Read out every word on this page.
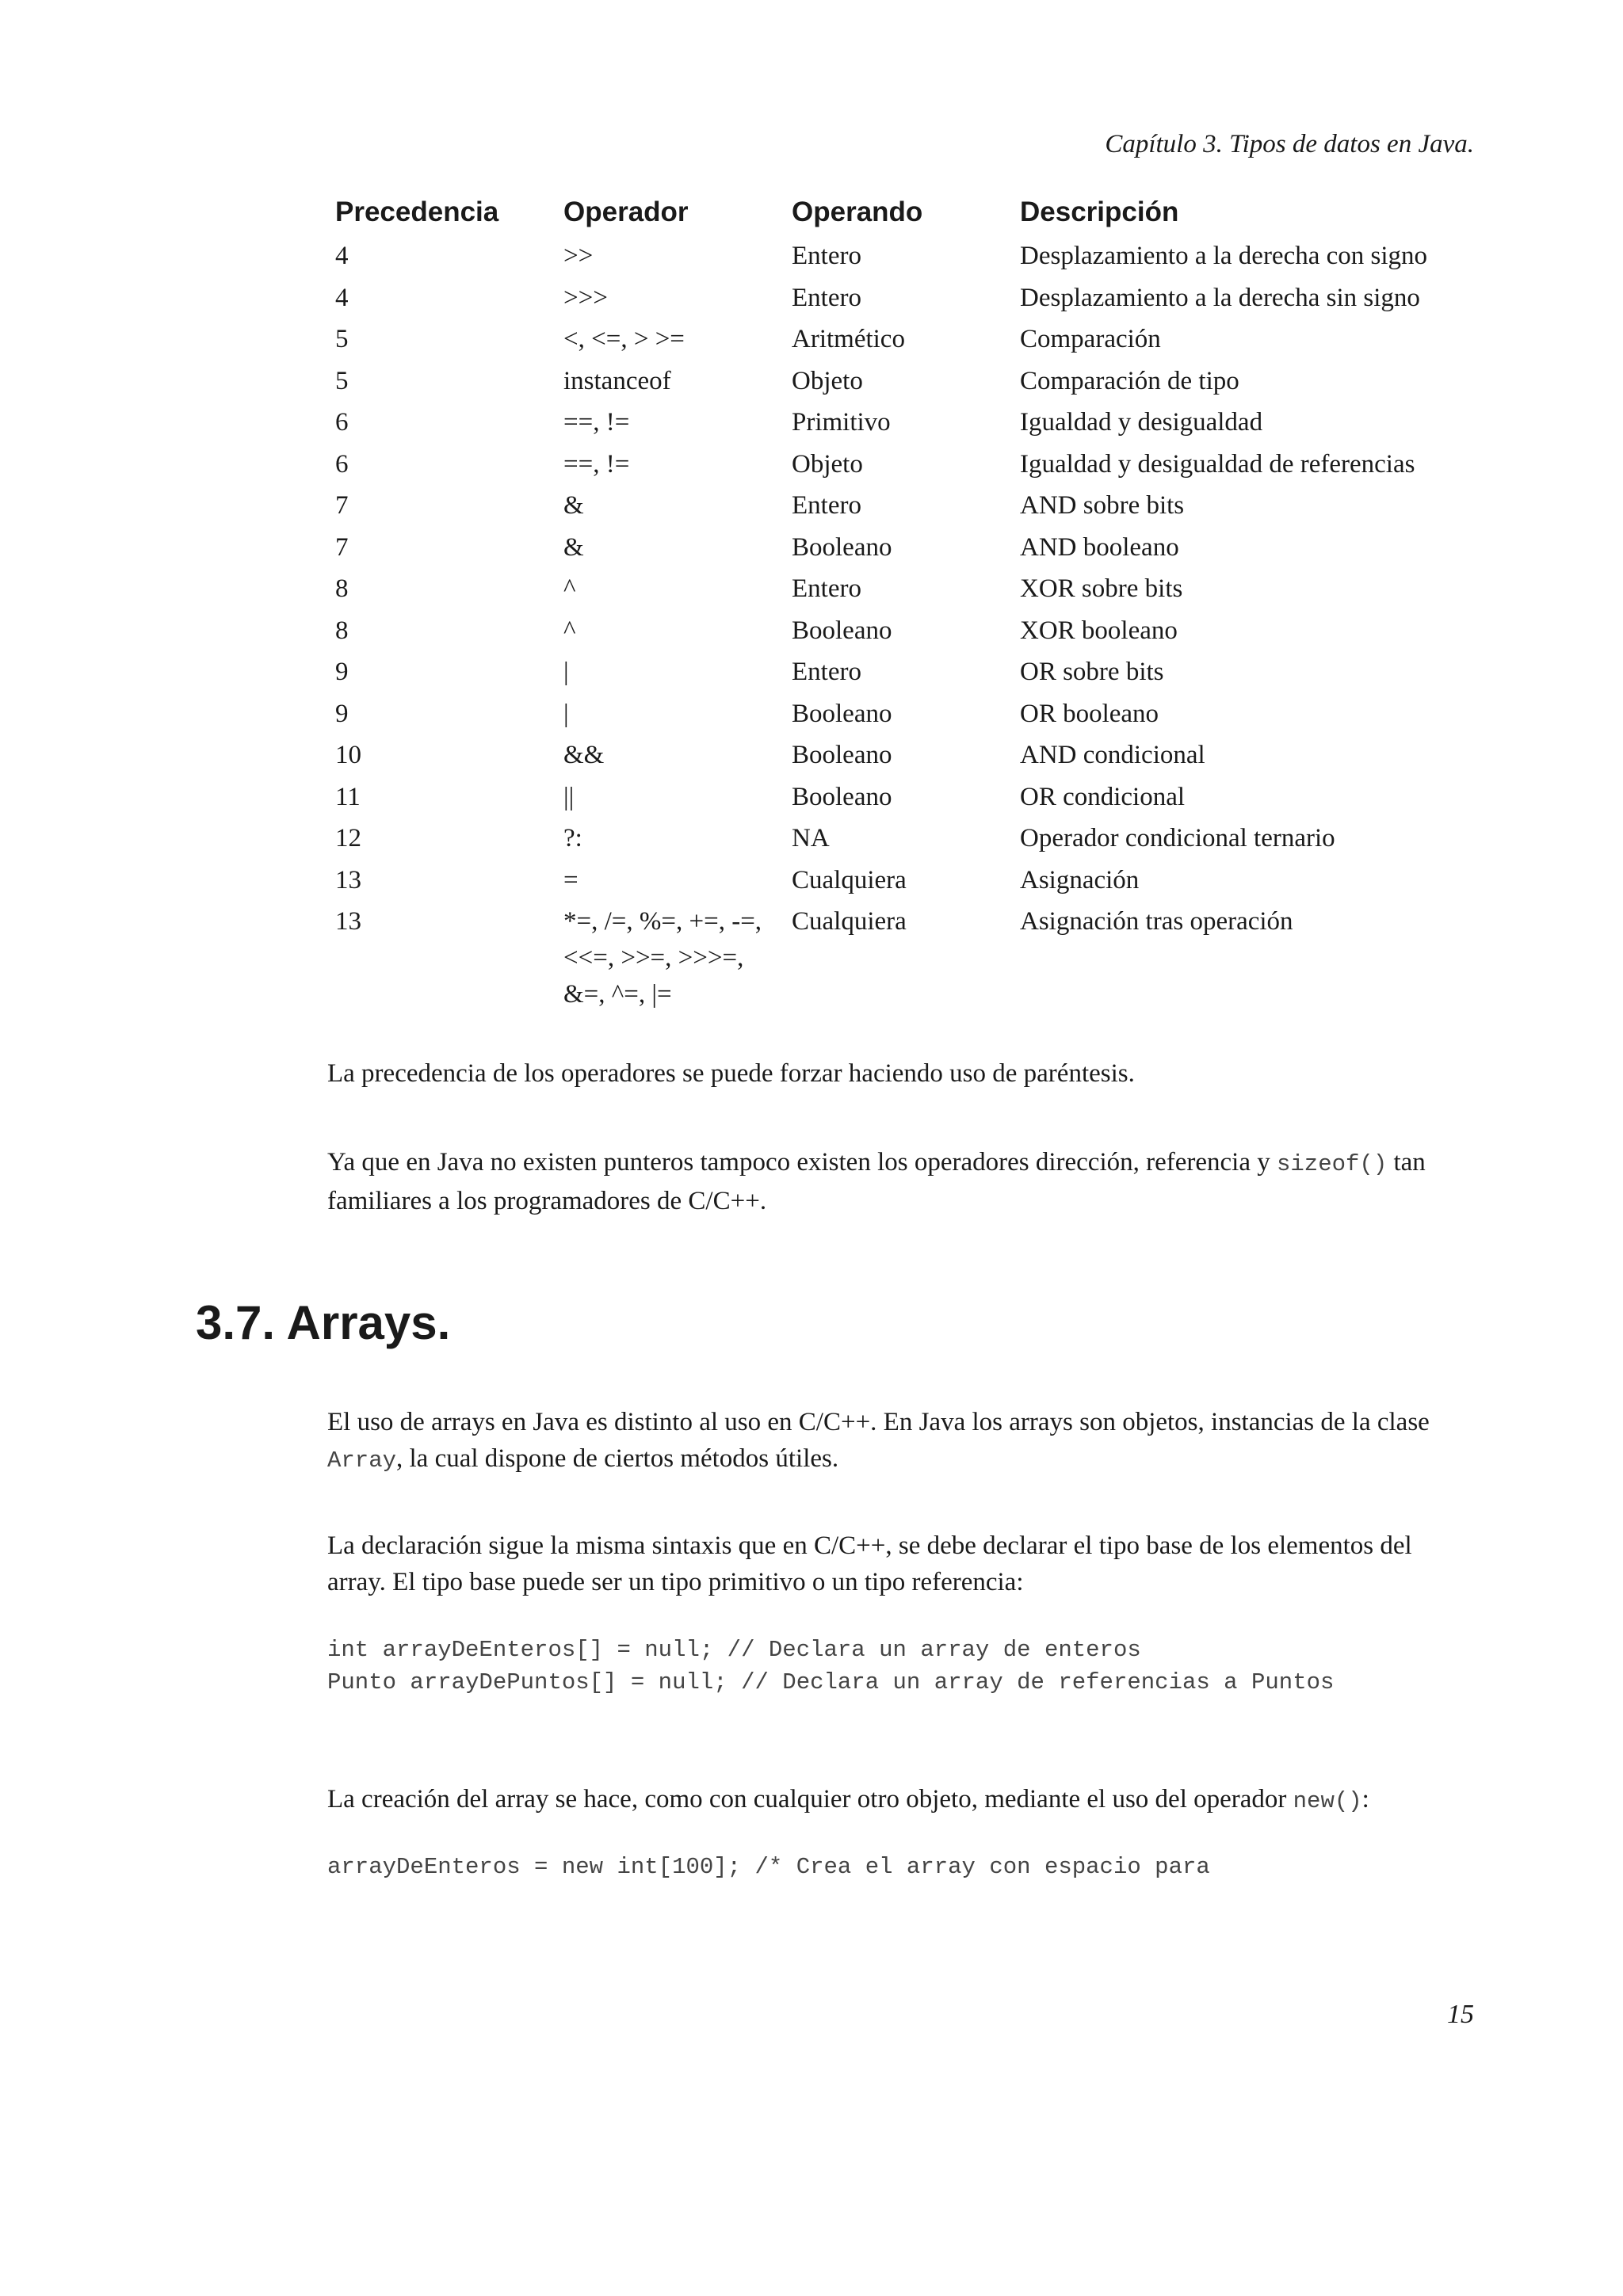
Capítulo 3. Tipos de datos en Java.
Precedencia	Operador	Operando	Descripción
4	>>	Entero	Desplazamiento a la derecha con signo
4	>>>	Entero	Desplazamiento a la derecha sin signo
5	<, <=, > >=	Aritmético	Comparación
5	instanceof	Objeto	Comparación de tipo
6	==, !=	Primitivo	Igualdad y desigualdad
6	==, !=	Objeto	Igualdad y desigualdad de referencias
7	&	Entero	AND sobre bits
7	&	Booleano	AND booleano
8	^	Entero	XOR sobre bits
8	^	Booleano	XOR booleano
9	|	Entero	OR sobre bits
9	|	Booleano	OR booleano
10	&&	Booleano	AND condicional
11	||	Booleano	OR condicional
12	?:	NA	Operador condicional ternario
13	=	Cualquiera	Asignación
13	*=, /=, %=, +=, -=,
<<=, >>=, >>>=,
&=, ^=, |=	Cualquiera	Asignación tras operación

La precedencia de los operadores se puede forzar haciendo uso de paréntesis.

Ya que en Java no existen punteros tampoco existen los operadores dirección, referencia y sizeof() tan familiares a los programadores de C/C++.

3.7. Arrays.

El uso de arrays en Java es distinto al uso en C/C++. En Java los arrays son objetos, instancias de la clase Array, la cual dispone de ciertos métodos útiles.

La declaración sigue la misma sintaxis que en C/C++, se debe declarar el tipo base de los elementos del array. El tipo base puede ser un tipo primitivo o un tipo referencia:

int arrayDeEnteros[] = null; // Declara un array de enteros
Punto arrayDePuntos[] = null; // Declara un array de referencias a Puntos

La creación del array se hace, como con cualquier otro objeto, mediante el uso del operador new():

arrayDeEnteros = new int[100]; /* Crea el array con espacio para
15
